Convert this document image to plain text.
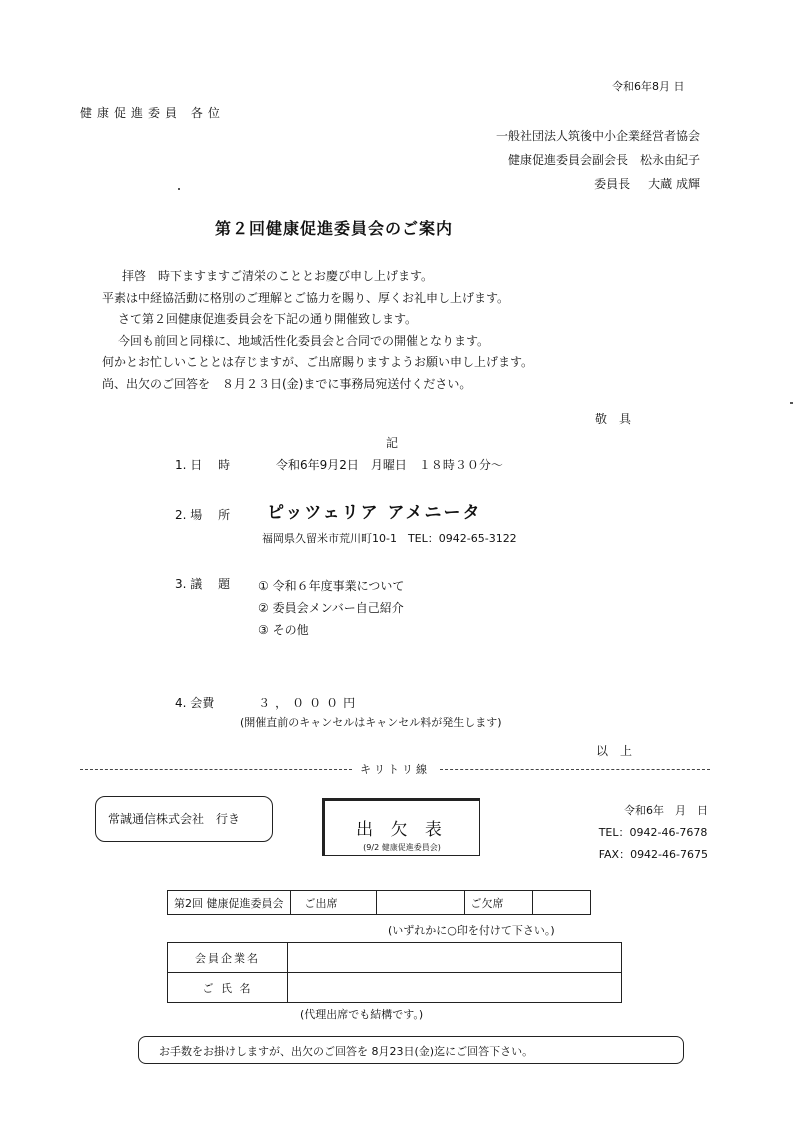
令和6年8月 日
健康促進委員 各位
一般社団法人筑後中小企業経営者協会
健康促進委員会副会長　松永由紀子
委員長 大蔵 成輝
第２回健康促進委員会のご案内
拝啓　時下ますますご清栄のこととお慶び申し上げます。
平素は中経協活動に格別のご理解とご協力を賜り、厚くお礼申し上げます。
さて第２回健康促進委員会を下記の通り開催致します。
今回も前回と同様に、地域活性化委員会と合同での開催となります。
何かとお忙しいこととは存じますが、ご出席賜りますようお願い申し上げます。
尚、出欠のご回答を　８月２３日(金)までに事務局宛送付ください。
敬　具
記
1. 日 時	令和6年9月2日　月曜日　１８時３０分～
2. 場 所 ピッツェリア アメニータ
福岡県久留米市荒川町10-1　TEL：0942-65-3122
3. 議 題 ① 令和６年度事業について
② 委員会メンバー自己紹介
③ その他
4. 会費	３，０００円
(開催直前のキャンセルはキャンセル料が発生します)
以　上
キリトリ線
常誠通信株式会社　行き
出 欠 表
(9/2 健康促進委員会)
令和6年　月　日
TEL：0942-46-7678
FAX：0942-46-7675
第2回 健康促進委員会	ご出席		ご欠席	
(いずれかに○印を付けて下さい。)
会員企業名	
ご 氏 名	
(代理出席でも結構です。)
お手数をお掛けしますが、出欠のご回答を 8月23日(金)迄にご回答下さい。
